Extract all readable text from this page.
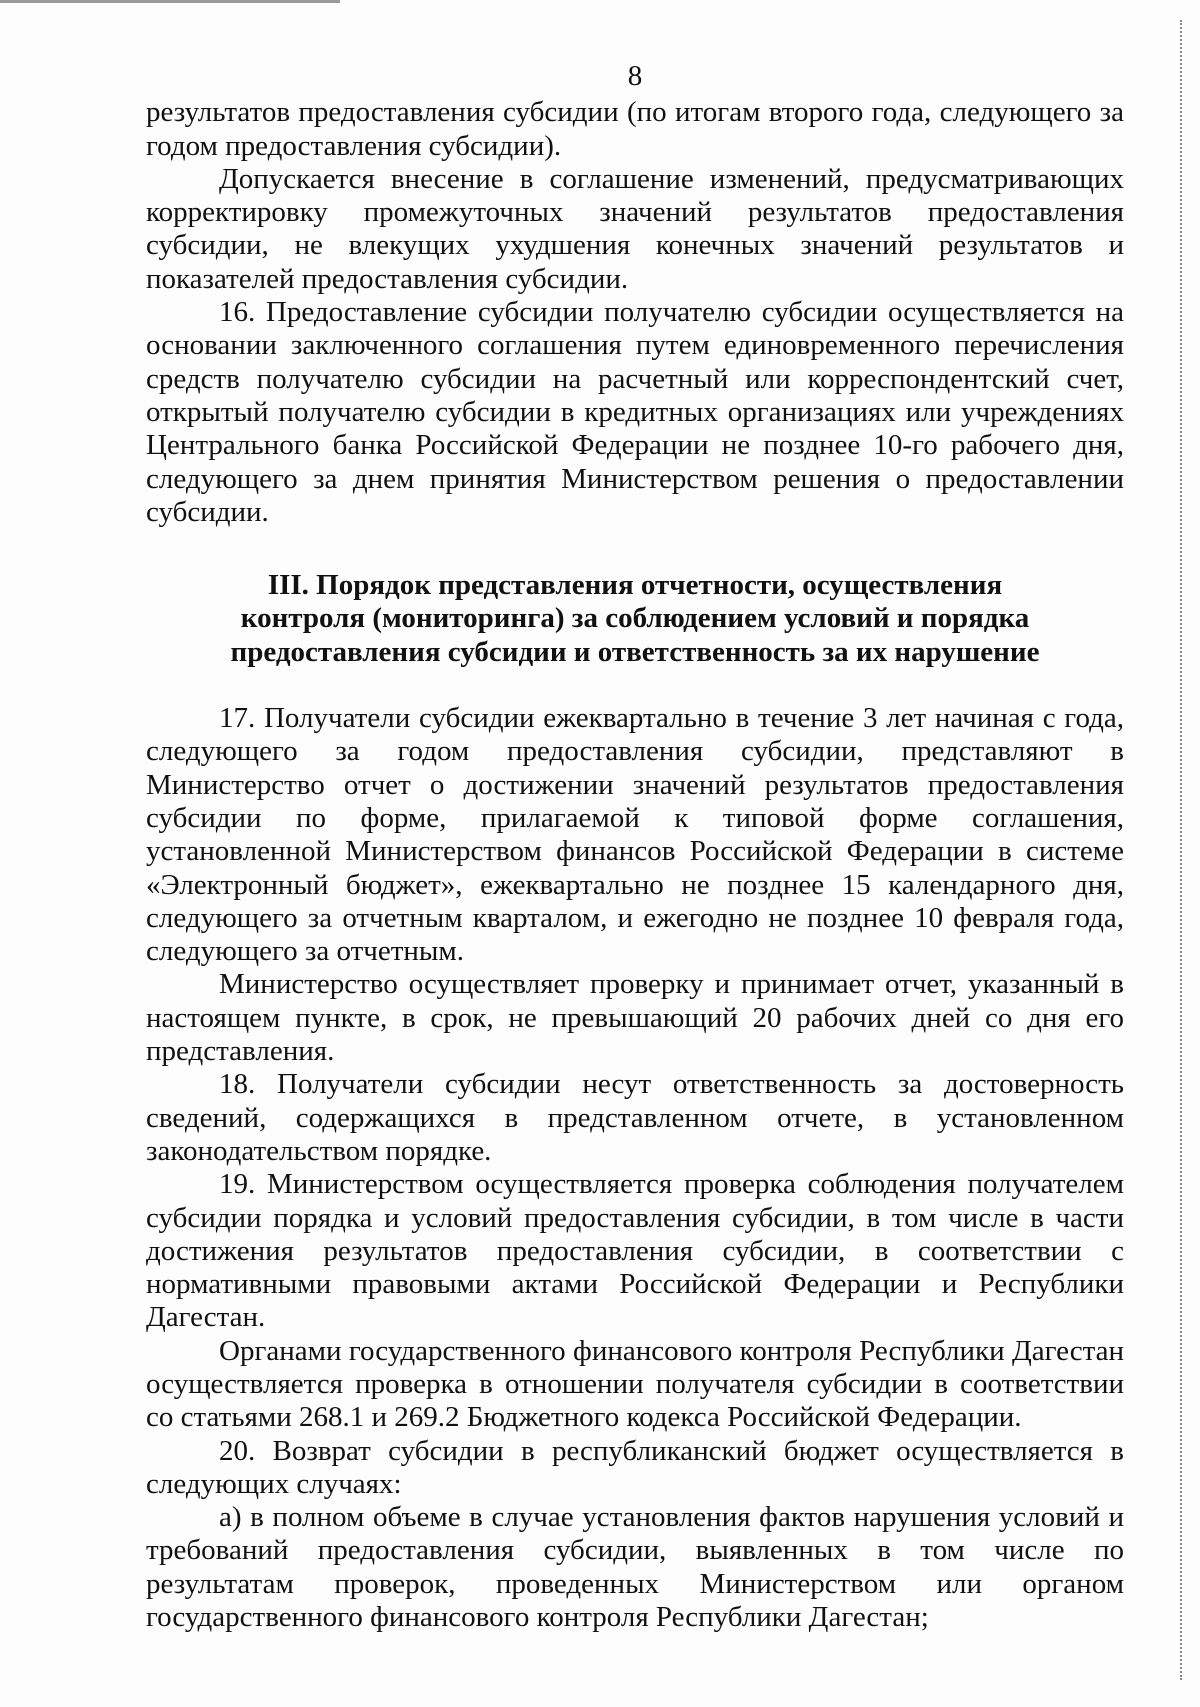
8

результатов предоставления субсидии (по итогам второго года, следующего за годом предоставления субсидии).

Допускается внесение в соглашение изменений, предусматривающих корректировку промежуточных значений результатов предоставления субсидии, не влекущих ухудшения конечных значений результатов и показателей предоставления субсидии.

16. Предоставление субсидии получателю субсидии осуществляется на основании заключенного соглашения путем единовременного перечисления средств получателю субсидии на расчетный или корреспондентский счет, открытый получателю субсидии в кредитных организациях или учреждениях Центрального банка Российской Федерации не позднее 10-го рабочего дня, следующего за днем принятия Министерством решения о предоставлении субсидии.

III. Порядок представления отчетности, осуществления
контроля (мониторинга) за соблюдением условий и порядка
предоставления субсидии и ответственность за их нарушение

17. Получатели субсидии ежеквартально в течение 3 лет начиная с года, следующего за годом предоставления субсидии, представляют в Министерство отчет о достижении значений результатов предоставления субсидии по форме, прилагаемой к типовой форме соглашения, установленной Министерством финансов Российской Федерации в системе «Электронный бюджет», ежеквартально не позднее 15 календарного дня, следующего за отчетным кварталом, и ежегодно не позднее 10 февраля года, следующего за отчетным.

Министерство осуществляет проверку и принимает отчет, указанный в настоящем пункте, в срок, не превышающий 20 рабочих дней со дня его представления.

18. Получатели субсидии несут ответственность за достоверность сведений, содержащихся в представленном отчете, в установленном законодательством порядке.

19. Министерством осуществляется проверка соблюдения получателем субсидии порядка и условий предоставления субсидии, в том числе в части достижения результатов предоставления субсидии, в соответствии с нормативными правовыми актами Российской Федерации и Республики Дагестан.

Органами государственного финансового контроля Республики Дагестан осуществляется проверка в отношении получателя субсидии в соответствии со статьями 268.1 и 269.2 Бюджетного кодекса Российской Федерации.

20. Возврат субсидии в республиканский бюджет осуществляется в следующих случаях:

а) в полном объеме в случае установления фактов нарушения условий и требований предоставления субсидии, выявленных в том числе по результатам проверок, проведенных Министерством или органом государственного финансового контроля Республики Дагестан;
